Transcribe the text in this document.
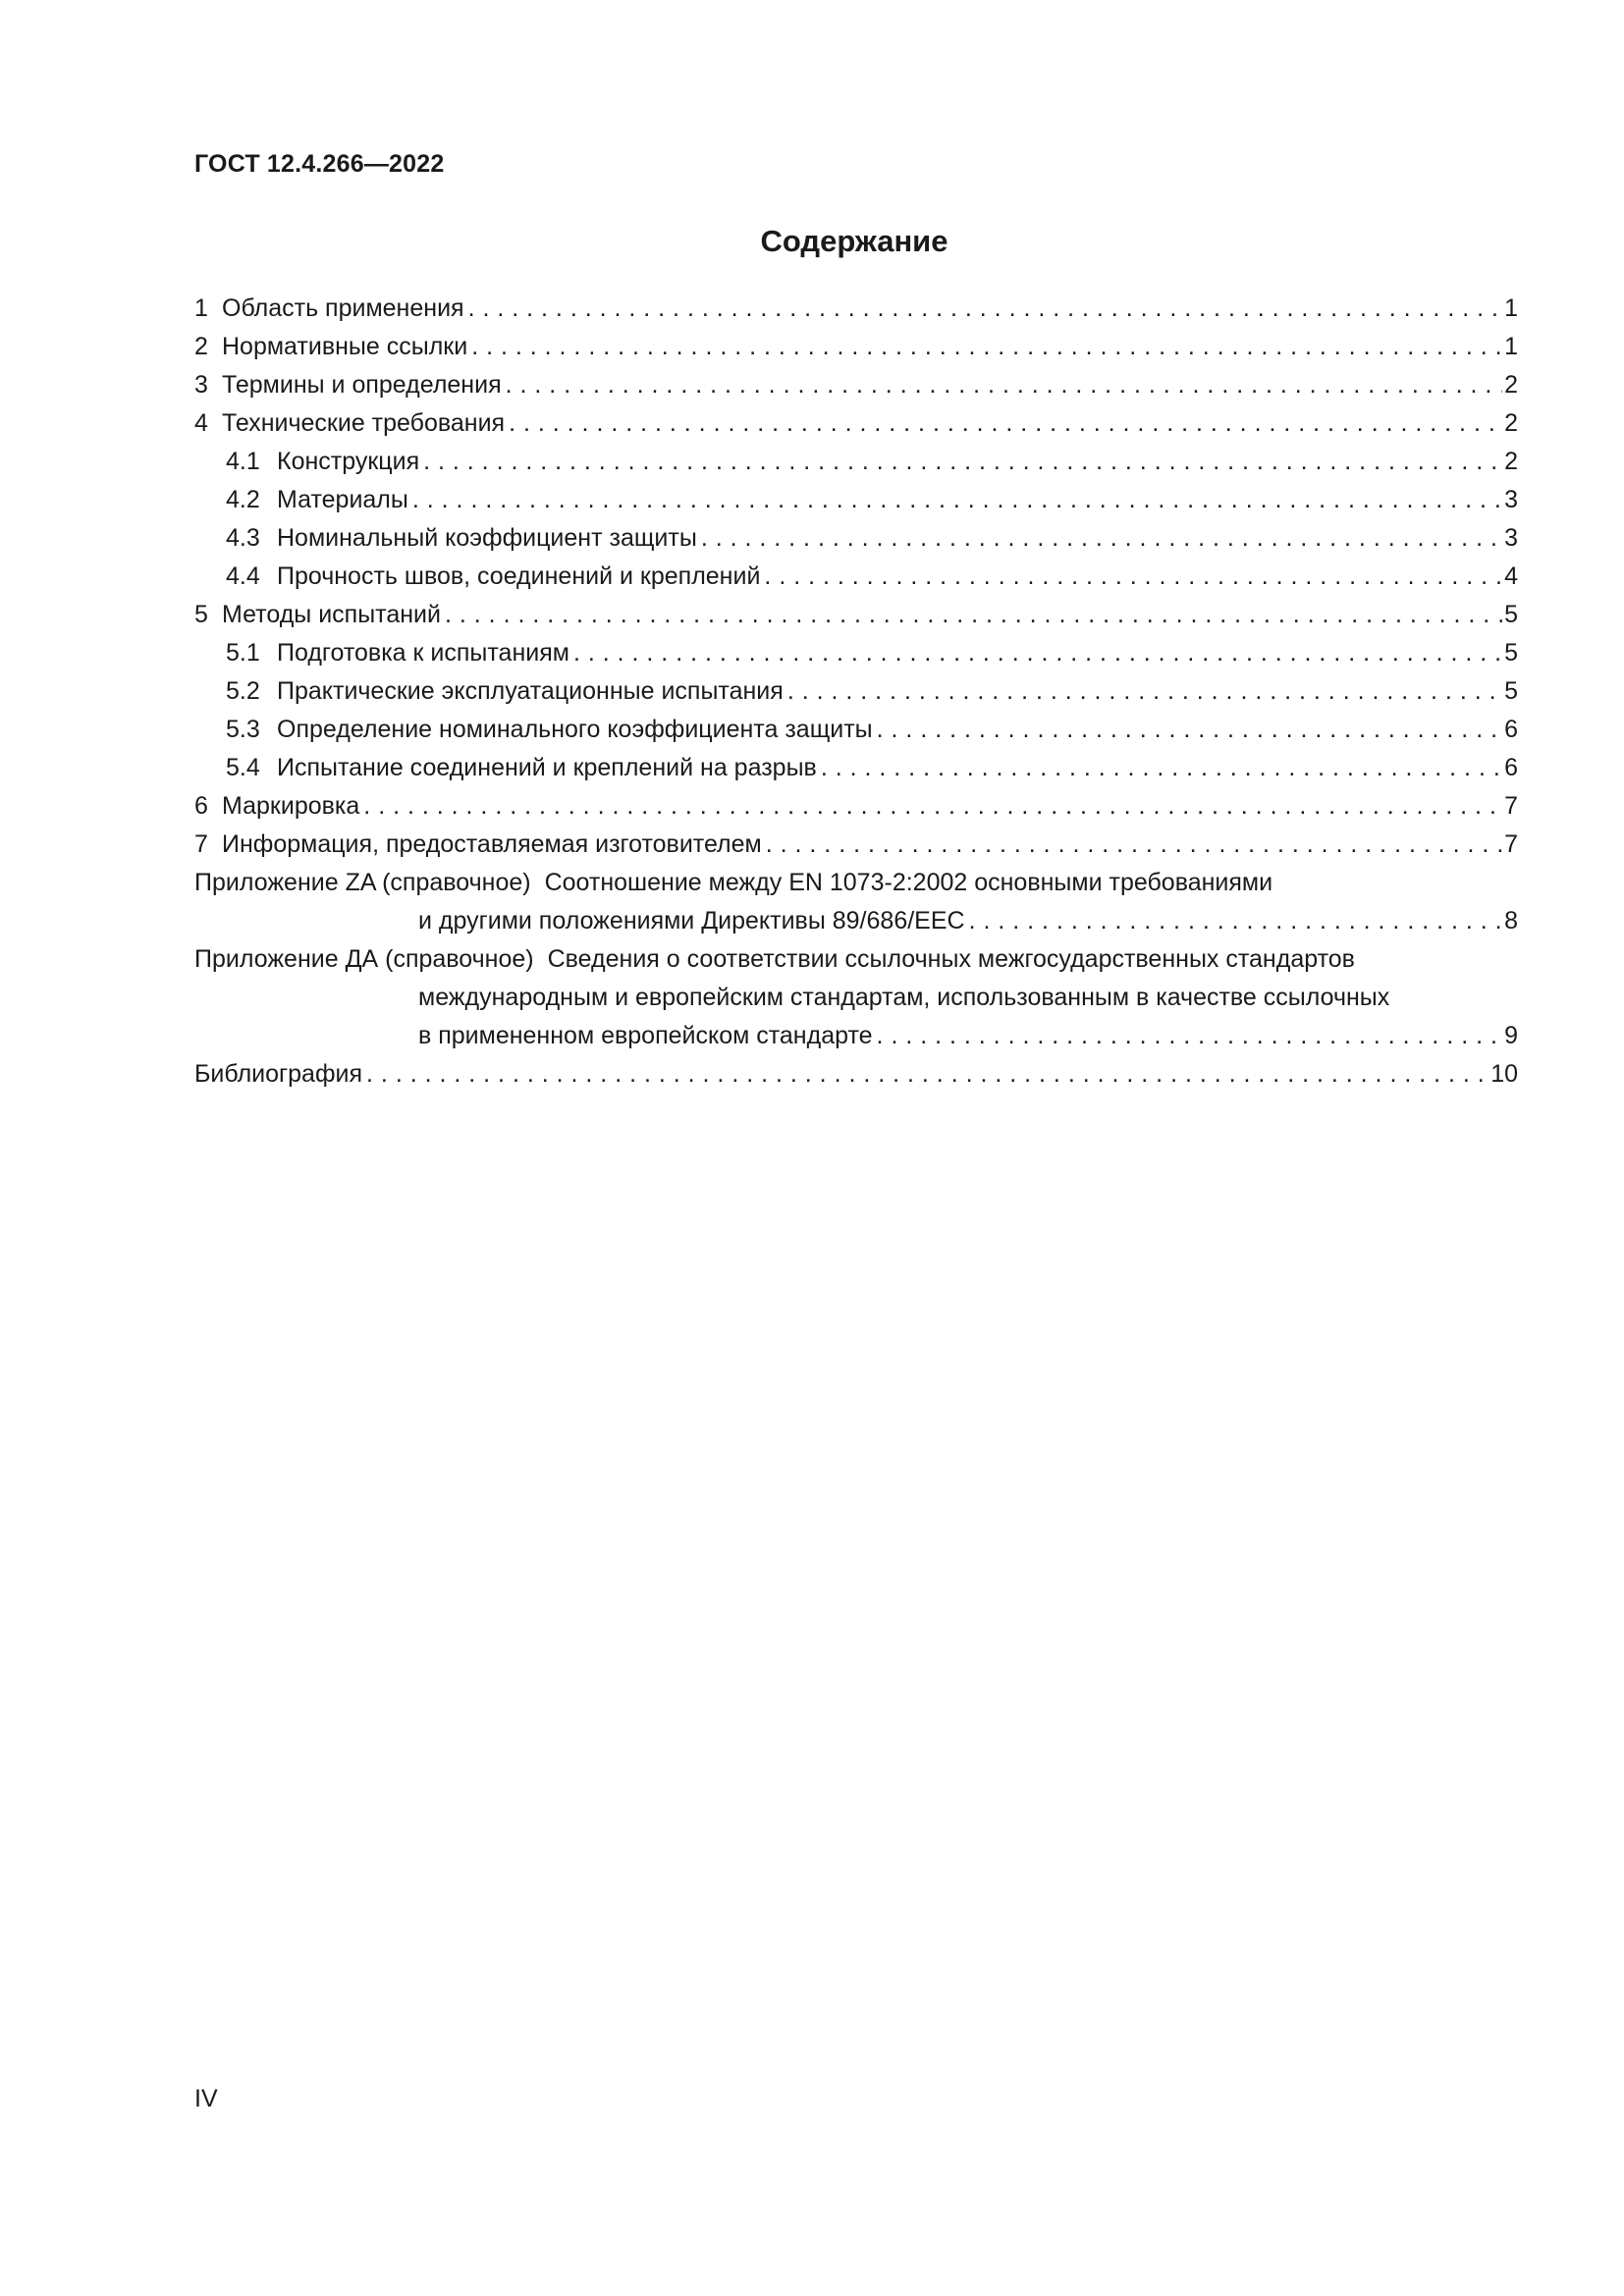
ГОСТ 12.4.266—2022

Содержание
1 Область применения . . .	1
2 Нормативные ссылки . . .	1
3 Термины и определения . . .	2
4 Технические требования . . .	2
4.1 Конструкция . . .	2
4.2 Материалы . . .	3
4.3 Номинальный коэффициент защиты . . .	3
4.4 Прочность швов, соединений и креплений . . .	4
5 Методы испытаний . . .	5
5.1 Подготовка к испытаниям . . .	5
5.2 Практические эксплуатационные испытания . . .	5
5.3 Определение номинального коэффициента защиты . . .	6
5.4 Испытание соединений и креплений на разрыв . . .	6
6 Маркировка . . .	7
7 Информация, предоставляемая изготовителем . . .	7
Приложение ZA (справочное) Соотношение между EN 1073-2:2002 основными требованиями
и другими положениями Директивы 89/686/ЕЕС . . .	8
Приложение ДА (справочное) Сведения о соответствии ссылочных межгосударственных стандартов
международным и европейским стандартам, использованным в качестве ссылочных
в примененном европейском стандарте . . .	9
Библиография . . .	10

IV
